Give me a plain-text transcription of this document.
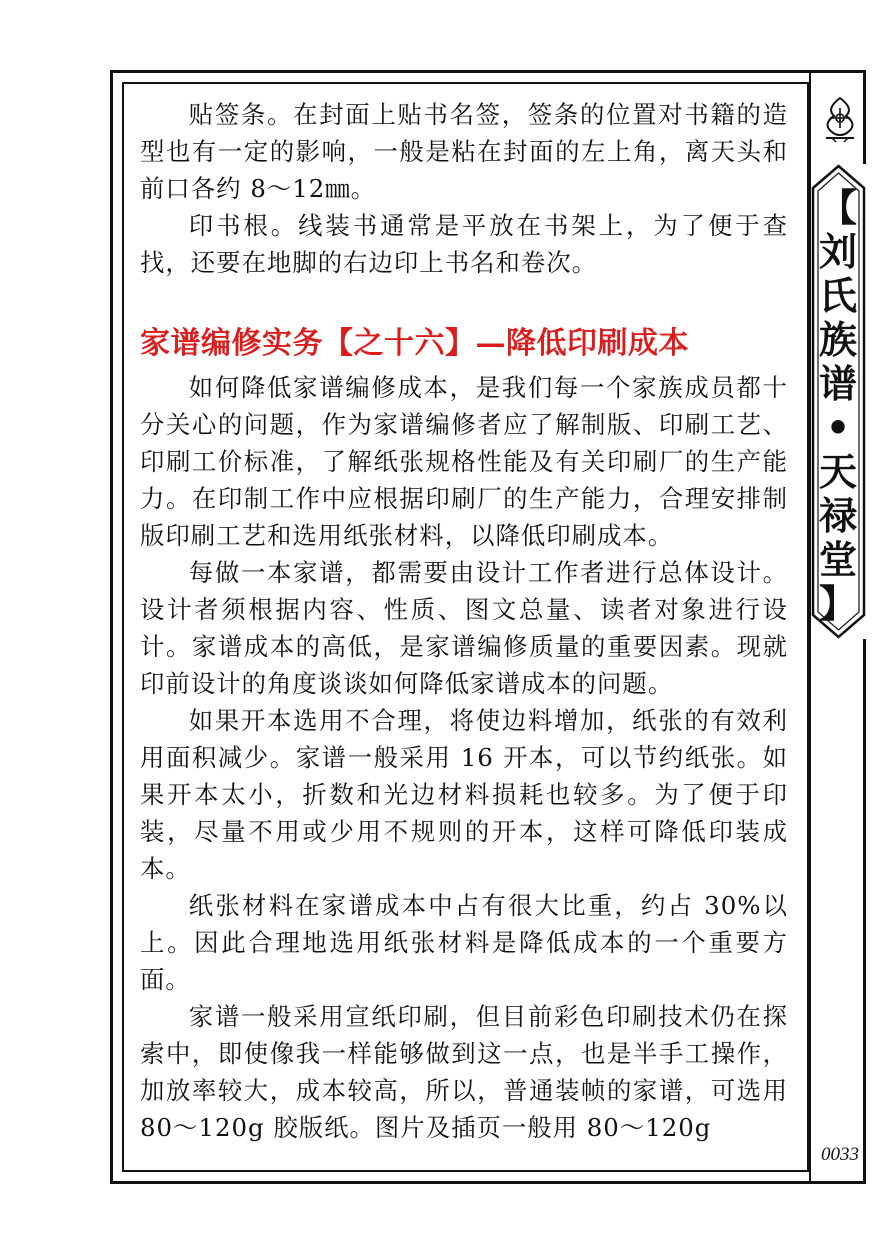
贴签条。在封面上贴书名签，签条的位置对书籍的造型也有一定的影响，一般是粘在封面的左上角，离天头和前口各约 8～12㎜。

印书根。线装书通常是平放在书架上，为了便于查找，还要在地脚的右边印上书名和卷次。

家谱编修实务【之十六】—降低印刷成本

如何降低家谱编修成本，是我们每一个家族成员都十分关心的问题，作为家谱编修者应了解制版、印刷工艺、印刷工价标准，了解纸张规格性能及有关印刷厂的生产能力。在印制工作中应根据印刷厂的生产能力，合理安排制版印刷工艺和选用纸张材料，以降低印刷成本。

每做一本家谱，都需要由设计工作者进行总体设计。设计者须根据内容、性质、图文总量、读者对象进行设计。家谱成本的高低，是家谱编修质量的重要因素。现就印前设计的角度谈谈如何降低家谱成本的问题。

如果开本选用不合理，将使边料增加，纸张的有效利用面积减少。家谱一般采用 16 开本，可以节约纸张。如果开本太小，折数和光边材料损耗也较多。为了便于印装，尽量不用或少用不规则的开本，这样可降低印装成本。

纸张材料在家谱成本中占有很大比重，约占 30%以上。因此合理地选用纸张材料是降低成本的一个重要方面。

家谱一般采用宣纸印刷，但目前彩色印刷技术仍在探索中，即使像我一样能够做到这一点，也是半手工操作，加放率较大，成本较高，所以，普通装帧的家谱，可选用 80～120g 胶版纸。图片及插页一般用 80～120g

【
刘
氏
族
谱
•
天
禄
堂
】
0033
